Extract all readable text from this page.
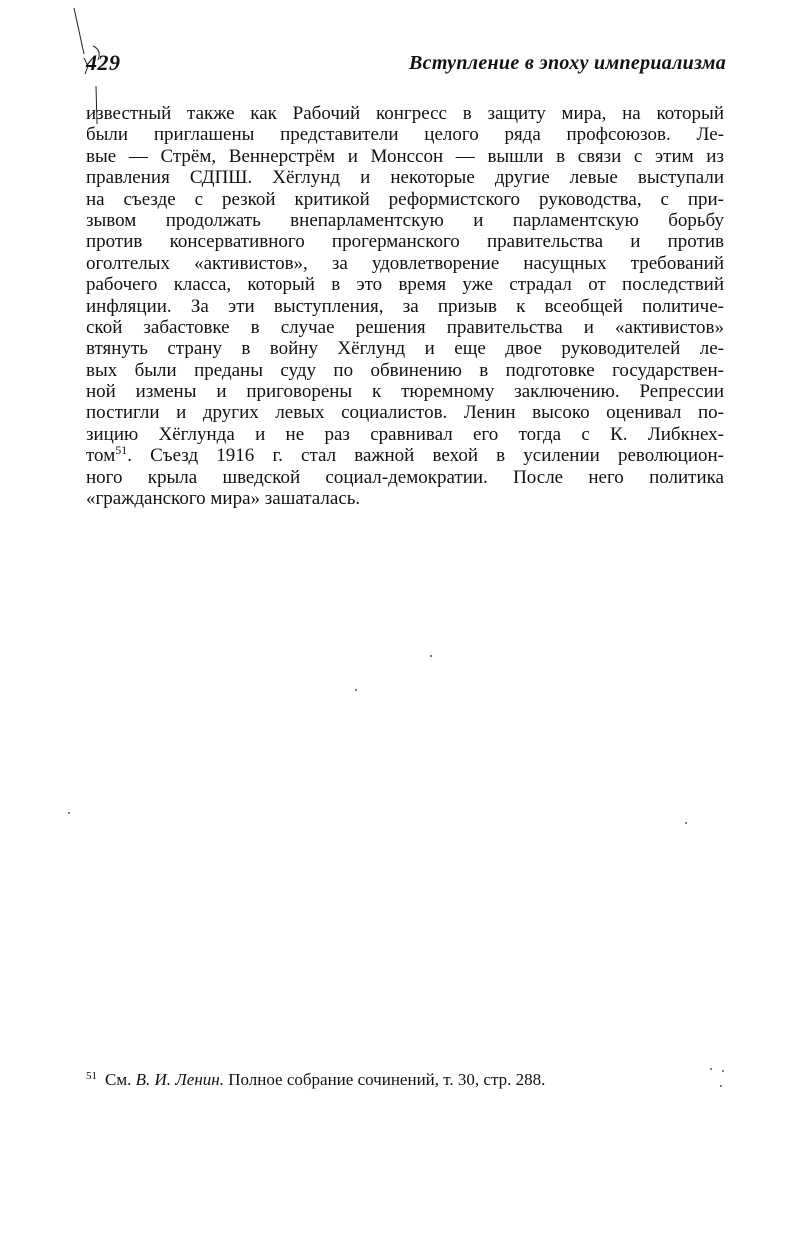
429	Вступление в эпоху империализма
известный также как Рабочий конгресс в защиту мира, на который
были приглашены представители целого ряда профсоюзов. Ле-
вые — Стрём, Веннерстрём и Монссон — вышли в связи с этим из
правления СДПШ. Хёглунд и некоторые другие левые выступали
на съезде с резкой критикой реформистского руководства, с при-
зывом продолжать внепарламентскую и парламентскую борьбу
против консервативного прогерманского правительства и против
оголтелых «активистов», за удовлетворение насущных требований
рабочего класса, который в это время уже страдал от последствий
инфляции. За эти выступления, за призыв к всеобщей политиче-
ской забастовке в случае решения правительства и «активистов»
втянуть страну в войну Хёглунд и еще двое руководителей ле-
вых были преданы суду по обвинению в подготовке государствен-
ной измены и приговорены к тюремному заключению. Репрессии
постигли и других левых социалистов. Ленин высоко оценивал по-
зицию Хёглунда и не раз сравнивал его тогда с К. Либкнех-
том$^{51}$. Съезд 1916 г. стал важной вехой в усилении революцион-
ного крыла шведской социал-демократии. После него политика
«гражданского мира» зашаталась.
$^{51}$ См. В. И. Ленин. Полное собрание сочинений, т. 30, стр. 288.
